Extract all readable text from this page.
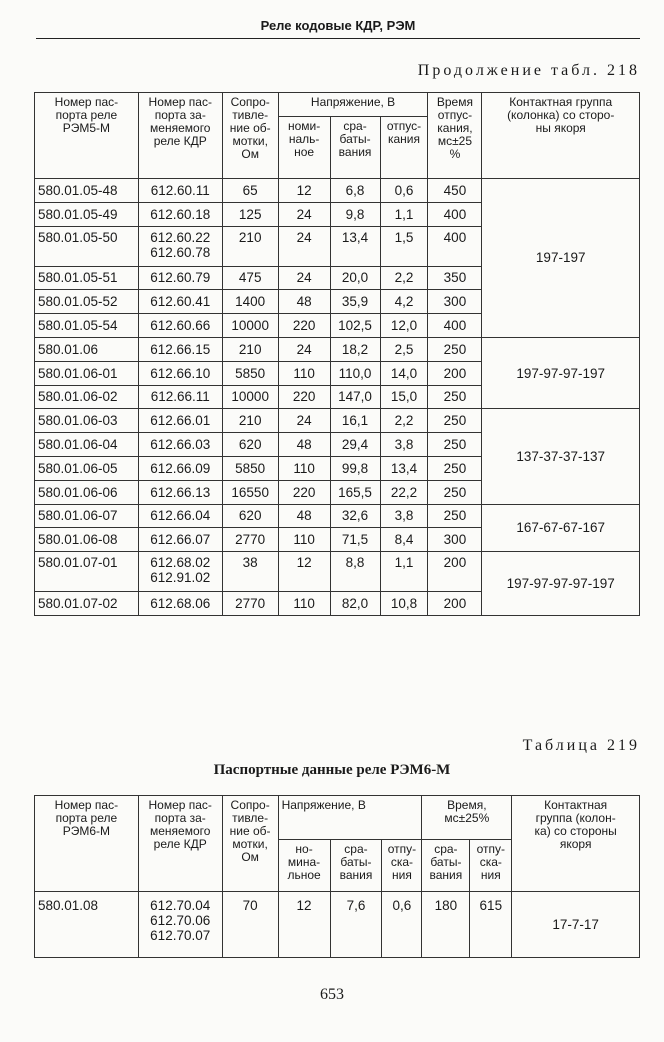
Реле кодовые КДР, РЭМ
Продолжение табл. 218
Номер пас-
порта реле
РЭМ5-М	Номер пас-
порта за-
меняемого
реле КДР	Сопро-
тивле-
ние об-
мотки,
Ом	Напряжение, В			Время
отпус-
кания,
мс±25
%	Контактная группа
(колонка) со сторо-
ны якоря
			номи-
наль-
ное	сра-
баты-
вания	отпус-
кания		
580.01.05-48	612.60.11	65	12	6,8	0,6	450	197-197
580.01.05-49	612.60.18	125	24	9,8	1,1	400	
580.01.05-50	612.60.22
612.60.78	210	24	13,4	1,5	400	
580.01.05-51	612.60.79	475	24	20,0	2,2	350	
580.01.05-52	612.60.41	1400	48	35,9	4,2	300	
580.01.05-54	612.60.66	10000	220	102,5	12,0	400	
580.01.06	612.66.15	210	24	18,2	2,5	250	197-97-97-197
580.01.06-01	612.66.10	5850	110	110,0	14,0	200	
580.01.06-02	612.66.11	10000	220	147,0	15,0	250	
580.01.06-03	612.66.01	210	24	16,1	2,2	250	137-37-37-137
580.01.06-04	612.66.03	620	48	29,4	3,8	250	
580.01.06-05	612.66.09	5850	110	99,8	13,4	250	
580.01.06-06	612.66.13	16550	220	165,5	22,2	250	
580.01.06-07	612.66.04	620	48	32,6	3,8	250	167-67-67-167
580.01.06-08	612.66.07	2770	110	71,5	8,4	300	
580.01.07-01	612.68.02
612.91.02	38	12	8,8	1,1	200	197-97-97-97-197
580.01.07-02	612.68.06	2770	110	82,0	10,8	200	
Таблица 219
Паспортные данные реле РЭМ6-М
Номер пас-
порта реле
РЭМ6-М	Номер пас-
порта за-
меняемого
реле КДР	Сопро-
тивле-
ние об-
мотки,
Ом	Напряжение, В			Время,
мс±25%		Контактная
группа (колон-
ка) со стороны
якоря
			но-
мина-
льное	сра-
баты-
вания	отпу-
ска-
ния	сра-
баты-
вания	отпу-
ска-
ния	
580.01.08	612.70.04
612.70.06
612.70.07	70	12	7,6	0,6	180	615	17-7-17
653
